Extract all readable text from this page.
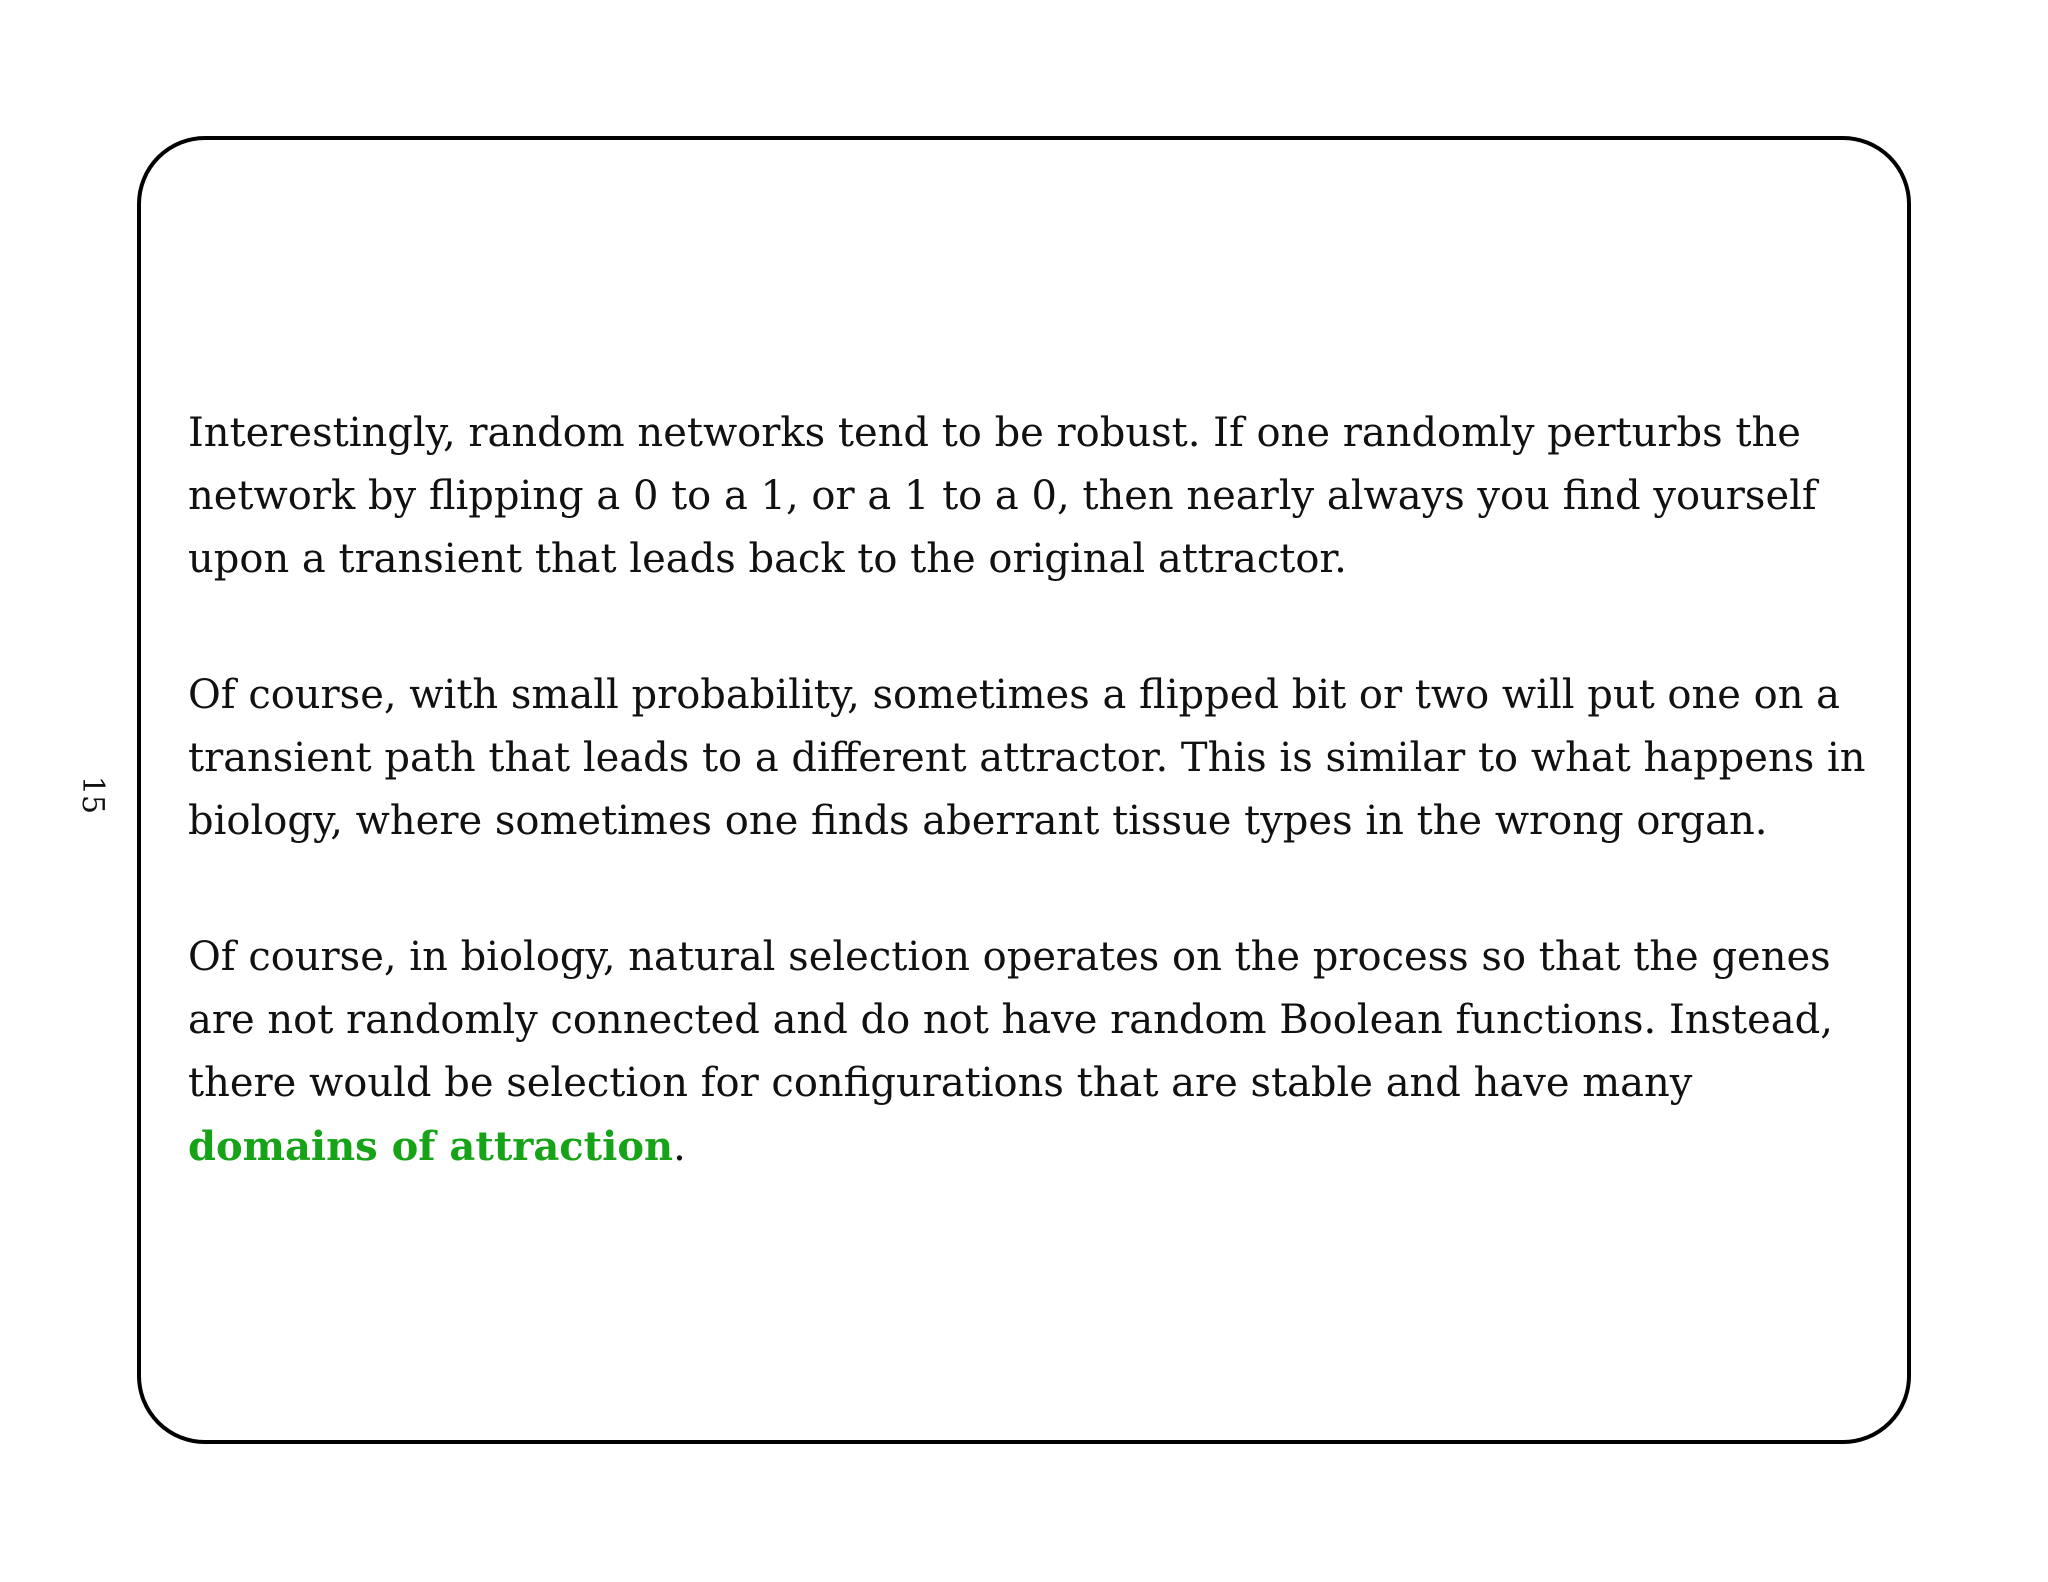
15

Interestingly, random networks tend to be robust. If one randomly perturbs the network by flipping a 0 to a 1, or a 1 to a 0, then nearly always you find yourself upon a transient that leads back to the original attractor.

Of course, with small probability, sometimes a flipped bit or two will put one on a transient path that leads to a different attractor. This is similar to what happens in biology, where sometimes one finds aberrant tissue types in the wrong organ.

Of course, in biology, natural selection operates on the process so that the genes are not randomly connected and do not have random Boolean functions. Instead, there would be selection for configurations that are stable and have many domains of attraction.
